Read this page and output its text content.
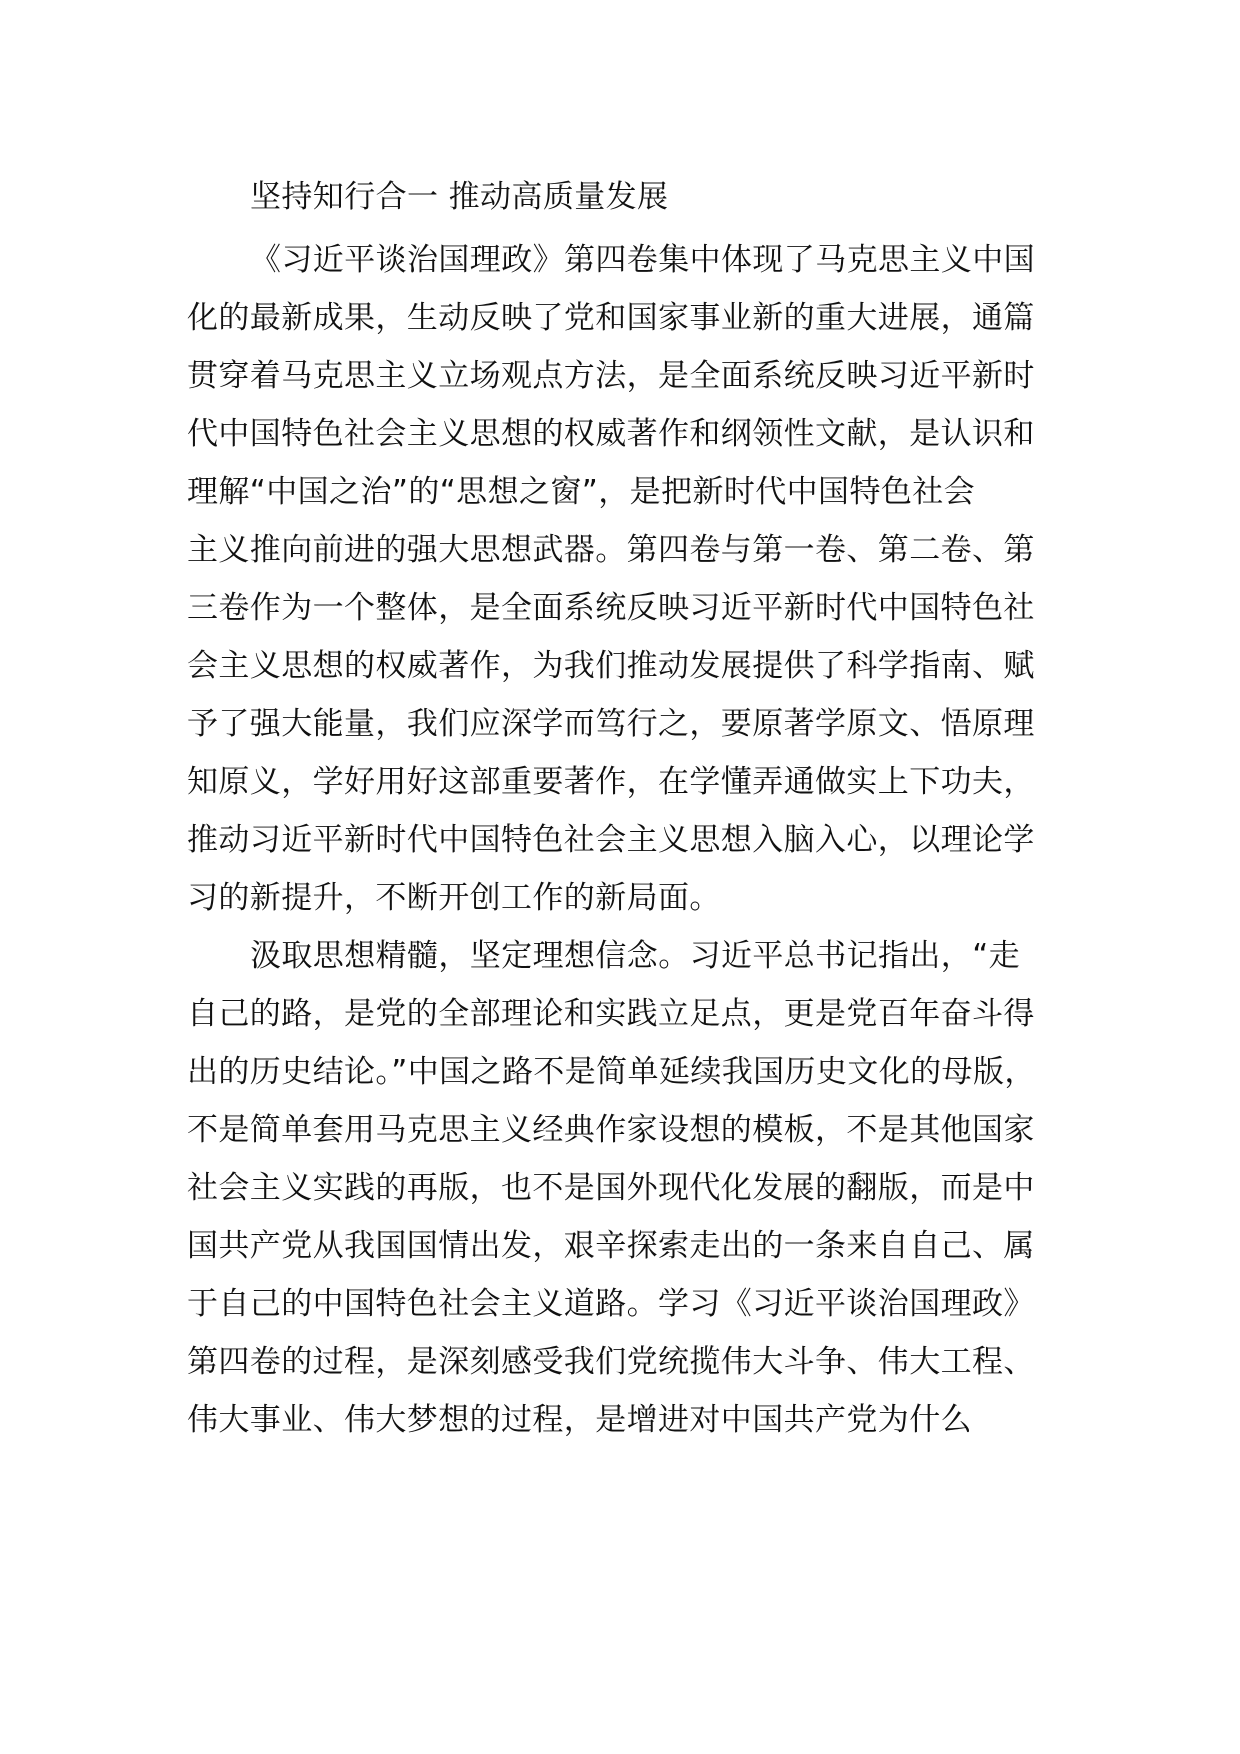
坚持知行合一 推动高质量发展
《习近平谈治国理政》第四卷集中体现了马克思主义中国
化的最新成果，生动反映了党和国家事业新的重大进展，通篇
贯穿着马克思主义立场观点方法，是全面系统反映习近平新时
代中国特色社会主义思想的权威著作和纲领性文献，是认识和
理解“中国之治”的“思想之窗”，是把新时代中国特色社会
主义推向前进的强大思想武器。第四卷与第一卷、第二卷、第
三卷作为一个整体，是全面系统反映习近平新时代中国特色社
会主义思想的权威著作，为我们推动发展提供了科学指南、赋
予了强大能量，我们应深学而笃行之，要原著学原文、悟原理
知原义，学好用好这部重要著作，在学懂弄通做实上下功夫，
推动习近平新时代中国特色社会主义思想入脑入心，以理论学
习的新提升，不断开创工作的新局面。
汲取思想精髓，坚定理想信念。习近平总书记指出，“走
自己的路，是党的全部理论和实践立足点，更是党百年奋斗得
出的历史结论。”中国之路不是简单延续我国历史文化的母版，
不是简单套用马克思主义经典作家设想的模板，不是其他国家
社会主义实践的再版，也不是国外现代化发展的翻版，而是中
国共产党从我国国情出发，艰辛探索走出的一条来自自己、属
于自己的中国特色社会主义道路。学习《习近平谈治国理政》
第四卷的过程，是深刻感受我们党统揽伟大斗争、伟大工程、
伟大事业、伟大梦想的过程，是增进对中国共产党为什么
